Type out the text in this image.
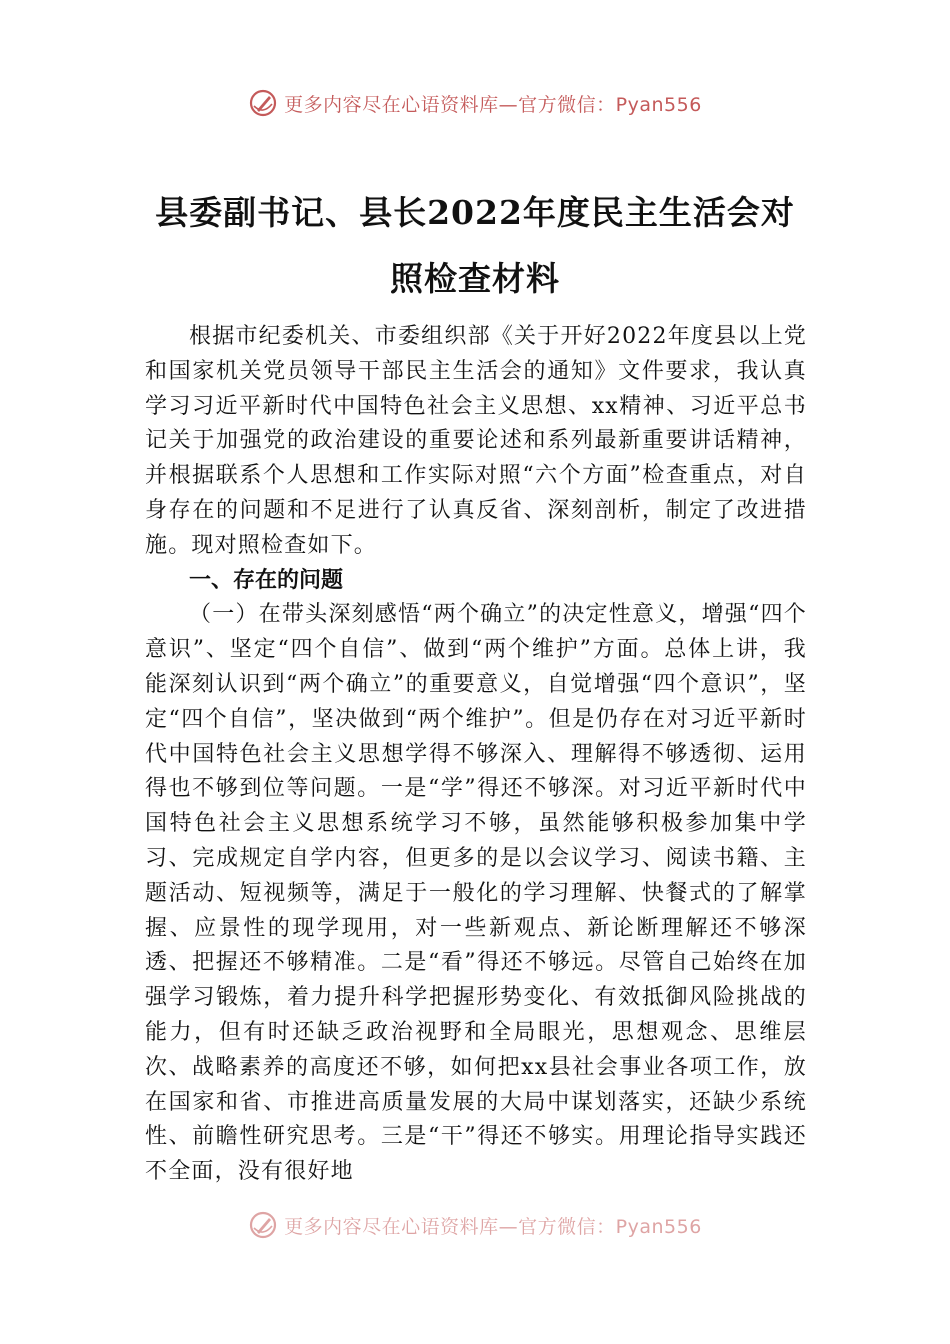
更多内容尽在心语资料库—官方微信：Pyan556
县委副书记、县长2022年度民主生活会对
照检查材料

根据市纪委机关、市委组织部《关于开好2022年度县以上党和国家机关党员领导干部民主生活会的通知》文件要求，我认真学习习近平新时代中国特色社会主义思想、xx精神、习近平总书记关于加强党的政治建设的重要论述和系列最新重要讲话精神，并根据联系个人思想和工作实际对照“六个方面”检查重点，对自身存在的问题和不足进行了认真反省、深刻剖析，制定了改进措施。现对照检查如下。

一、存在的问题

（一）在带头深刻感悟“两个确立”的决定性意义，增强“四个意识”、坚定“四个自信”、做到“两个维护”方面。总体上讲，我能深刻认识到“两个确立”的重要意义，自觉增强“四个意识”，坚定“四个自信”，坚决做到“两个维护”。但是仍存在对习近平新时代中国特色社会主义思想学得不够深入、理解得不够透彻、运用得也不够到位等问题。一是“学”得还不够深。对习近平新时代中国特色社会主义思想系统学习不够，虽然能够积极参加集中学习、完成规定自学内容，但更多的是以会议学习、阅读书籍、主题活动、短视频等，满足于一般化的学习理解、快餐式的了解掌握、应景性的现学现用，对一些新观点、新论断理解还不够深透、把握还不够精准。二是“看”得还不够远。尽管自己始终在加强学习锻炼，着力提升科学把握形势变化、有效抵御风险挑战的能力，但有时还缺乏政治视野和全局眼光，思想观念、思维层次、战略素养的高度还不够，如何把xx县社会事业各项工作，放在国家和省、市推进高质量发展的大局中谋划落实，还缺少系统性、前瞻性研究思考。三是“干”得还不够实。用理论指导实践还不全面，没有很好地

更多内容尽在心语资料库—官方微信：Pyan556
